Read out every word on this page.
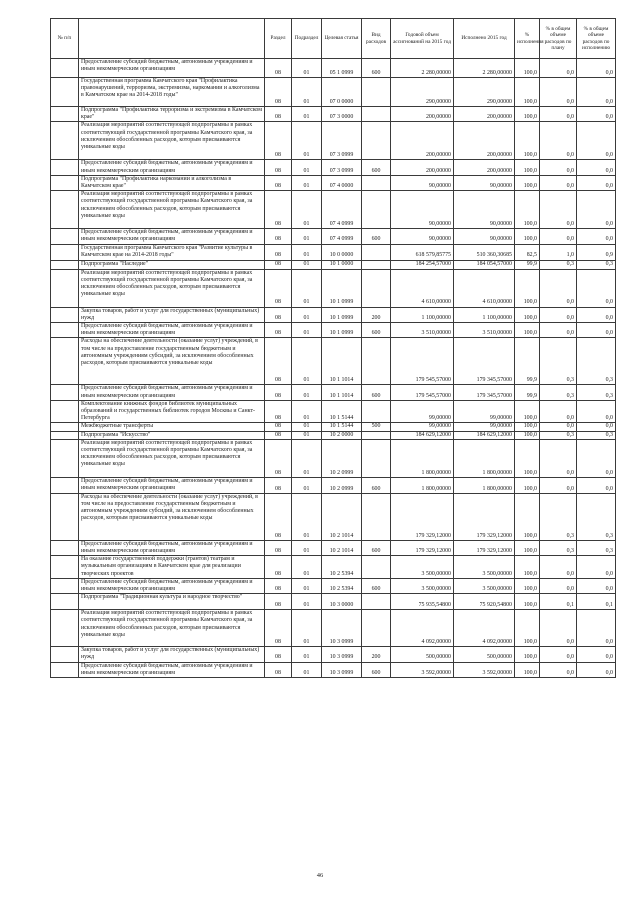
№ п/п		Раздел	Подраздел	Целевая статья	Вид расходов	Годовой объем ассигнований на 2015 год	Исполнено 2015 год	% исполнения	% в общем объеме расходов по плану	% в общем объеме расходов по исполнению
	Предоставление субсидий бюджетным, автономным учреждениям и иным некоммерческим организациям	08	01	05 1 0999	600	2 280,00000	2 280,00000	100,0	0,0	0,0
	Государственная программа Камчатского края "Профилактика правонарушений, терроризма, экстремизма, наркомании и алкоголизма в Камчатском крае на 2014-2018 годы"	08	01	07 0 0000		290,00000	290,00000	100,0	0,0	0,0
	Подпрограмма "Профилактика терроризма и экстремизма в Камчатском крае"	08	01	07 3 0000		200,00000	200,00000	100,0	0,0	0,0
	Реализация мероприятий соответствующей подпрограммы в рамках соответствующей государственной программы Камчатского края, за исключением обособленных расходов, которым присваиваются уникальные коды	08	01	07 3 0999		200,00000	200,00000	100,0	0,0	0,0
	Предоставление субсидий бюджетным, автономным учреждениям и иным некоммерческим организациям	08	01	07 3 0999	600	200,00000	200,00000	100,0	0,0	0,0
	Подпрограмма "Профилактика наркомании и алкоголизма в Камчатском крае"	08	01	07 4 0000		90,00000	90,00000	100,0	0,0	0,0
	Реализация мероприятий соответствующей подпрограммы в рамках соответствующей государственной программы Камчатского края, за исключением обособленных расходов, которым присваиваются уникальные коды	08	01	07 4 0999		90,00000	90,00000	100,0	0,0	0,0
	Предоставление субсидий бюджетным, автономным учреждениям и иным некоммерческим организациям	08	01	07 4 0999	600	90,00000	90,00000	100,0	0,0	0,0
	Государственная программа Камчатского края "Развитие культуры в Камчатском крае на 2014-2018 годы"	08	01	10 0 0000		618 579,85775	510 360,30685	82,5	1,0	0,9
	Подпрограмма "Наследие"	08	01	10 1 0000		184 254,57000	184 054,57000	99,9	0,3	0,3
	Реализация мероприятий соответствующей подпрограммы в рамках соответствующей государственной программы Камчатского края, за исключением обособленных расходов, которым присваиваются уникальные коды	08	01	10 1 0999		4 610,00000	4 610,00000	100,0	0,0	0,0
	Закупка товаров, работ и услуг для государственных (муниципальных) нужд	08	01	10 1 0999	200	1 100,00000	1 100,00000	100,0	0,0	0,0
	Предоставление субсидий бюджетным, автономным учреждениям и иным некоммерческим организациям	08	01	10 1 0999	600	3 510,00000	3 510,00000	100,0	0,0	0,0
	Расходы на обеспечение деятельности (оказание услуг) учреждений, в том числе на предоставление государственным бюджетным и автономным учреждениям субсидий, за исключением обособленных расходов, которым присваиваются уникальные коды	08	01	10 1 1014		179 545,57000	179 345,57000	99,9	0,3	0,3
	Предоставление субсидий бюджетным, автономным учреждениям и иным некоммерческим организациям	08	01	10 1 1014	600	179 545,57000	179 345,57000	99,9	0,3	0,3
	Комплектование книжных фондов библиотек муниципальных образований и государственных библиотек городов Москвы и Санкт-Петербурга	08	01	10 1 5144		99,00000	99,00000	100,0	0,0	0,0
	Межбюджетные трансферты	08	01	10 1 5144	500	99,00000	99,00000	100,0	0,0	0,0
	Подпрограмма "Искусство"	08	01	10 2 0000		184 629,12000	184 629,12000	100,0	0,3	0,3
	Реализация мероприятий соответствующей подпрограммы в рамках соответствующей государственной программы Камчатского края, за исключением обособленных расходов, которым присваиваются уникальные коды	08	01	10 2 0999		1 800,00000	1 800,00000	100,0	0,0	0,0
	Предоставление субсидий бюджетным, автономным учреждениям и иным некоммерческим организациям	08	01	10 2 0999	600	1 800,00000	1 800,00000	100,0	0,0	0,0
	Расходы на обеспечение деятельности (оказание услуг) учреждений, в том числе на предоставление государственным бюджетным и автономным учреждениям субсидий, за исключением обособленных расходов, которым присваиваются уникальные коды	08	01	10 2 1014		179 329,12000	179 329,12000	100,0	0,3	0,3
	Предоставление субсидий бюджетным, автономным учреждениям и иным некоммерческим организациям	08	01	10 2 1014	600	179 329,12000	179 329,12000	100,0	0,3	0,3
	На оказание государственной поддержки (грантов) театрам и музыкальным организациям в Камчатском крае для реализации творческих проектов	08	01	10 2 5394		3 500,00000	3 500,00000	100,0	0,0	0,0
	Предоставление субсидий бюджетным, автономным учреждениям и иным некоммерческим организациям	08	01	10 2 5394	600	3 500,00000	3 500,00000	100,0	0,0	0,0
	Подпрограмма "Традиционная культура и народное творчество"	08	01	10 3 0000		75 935,54800	75 920,54800	100,0	0,1	0,1
	Реализация мероприятий соответствующей подпрограммы в рамках соответствующей государственной программы Камчатского края, за исключением обособленных расходов, которым присваиваются уникальные коды	08	01	10 3 0999		4 092,00000	4 092,00000	100,0	0,0	0,0
	Закупка товаров, работ и услуг для государственных (муниципальных) нужд	08	01	10 3 0999	200	500,00000	500,00000	100,0	0,0	0,0
	Предоставление субсидий бюджетным, автономным учреждениям и иным некоммерческим организациям	08	01	10 3 0999	600	3 592,00000	3 592,00000	100,0	0,0	0,0
46
